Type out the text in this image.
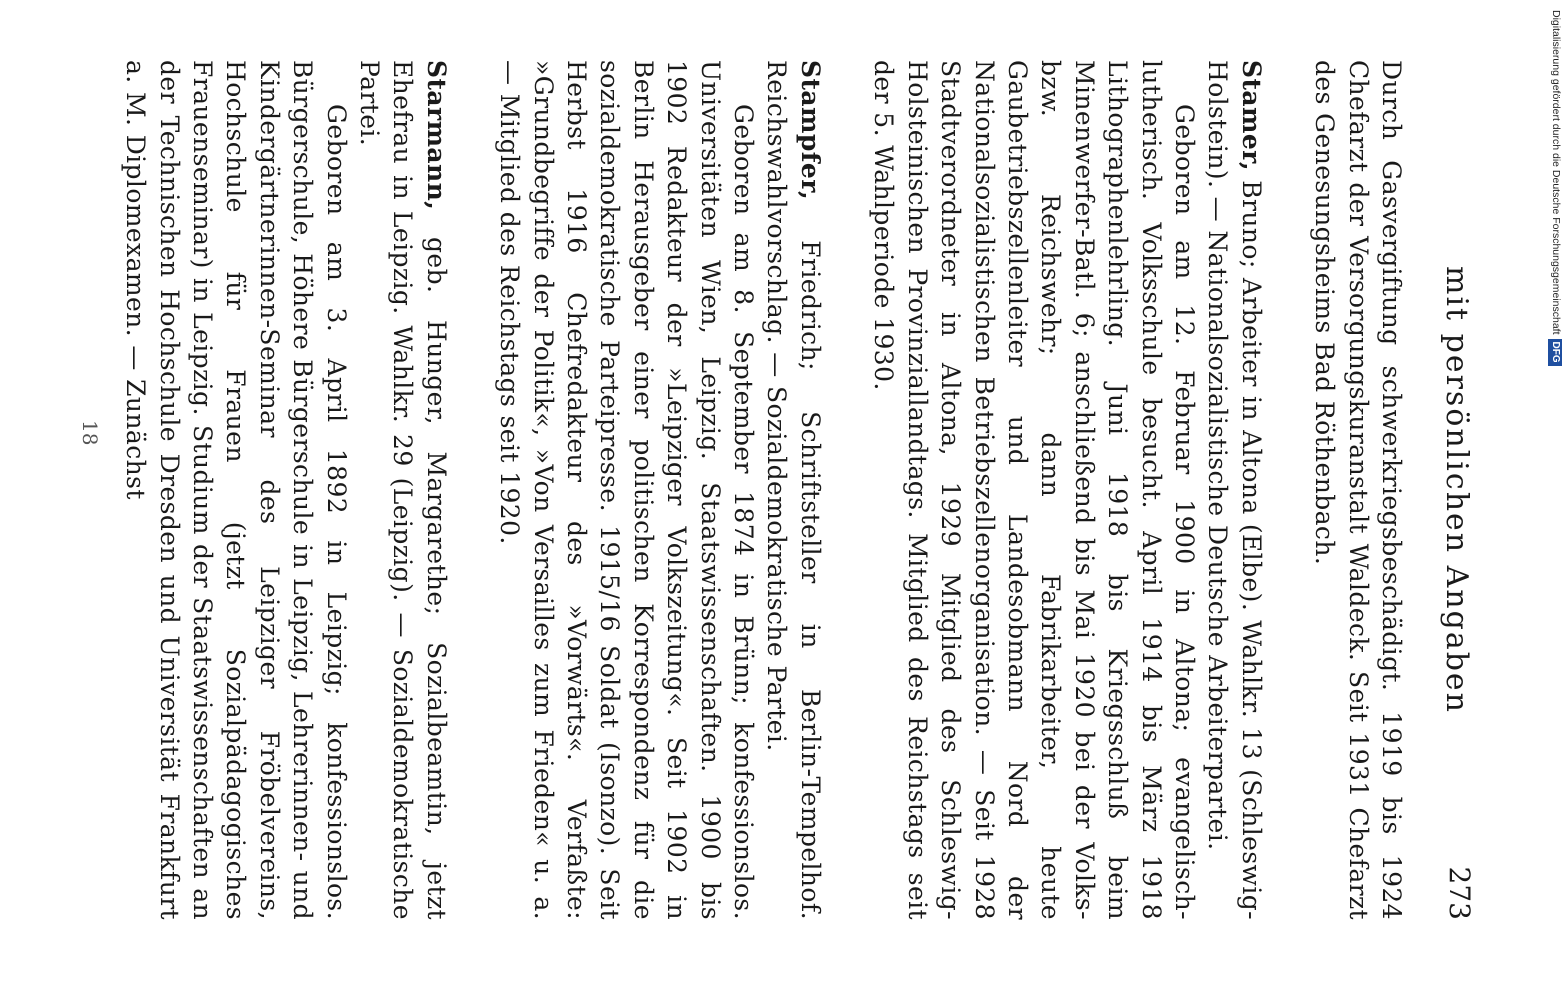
mit persönlichen Angaben
273

Durch Gasvergiftung schwerkriegsbeschädigt. 1919 bis 1924 Chefarzt der Versorgungskuranstalt Waldeck. Seit 1931 Chefarzt des Genesungsheims Bad Röthenbach.

Stamer, Bruno; Arbeiter in Altona (Elbe). Wahlkr. 13 (Schleswig-Holstein). — Nationalsozialistische Deutsche Arbeiterpartei.

Geboren am 12. Februar 1900 in Altona; evangelisch-lutherisch. Volksschule besucht. April 1914 bis März 1918 Lithographenlehrling. Juni 1918 bis Kriegsschluß beim Minenwerfer-Batl. 6; anschließend bis Mai 1920 bei der Volks- bzw. Reichswehr; dann Fabrikarbeiter, heute Gaubetriebszellenleiter und Landesobmann Nord der Nationalsozialistischen Betriebszellenorganisation. — Seit 1928 Stadtverordneter in Altona, 1929 Mitglied des Schleswig-Holsteinischen Provinziallandtags. Mitglied des Reichstags seit der 5. Wahlperiode 1930.

Stampfer, Friedrich; Schriftsteller in Berlin-Tempelhof. Reichswahlvorschlag. — Sozialdemokratische Partei.

Geboren am 8. September 1874 in Brünn; konfessionslos. Universitäten Wien, Leipzig. Staatswissenschaften. 1900 bis 1902 Redakteur der »Leipziger Volkszeitung«. Seit 1902 in Berlin Herausgeber einer politischen Korrespondenz für die sozialdemokratische Parteipresse. 1915/16 Soldat (Isonzo). Seit Herbst 1916 Chefredakteur des »Vorwärts«. Verfaßte: »Grundbegriffe der Politik«, »Von Versailles zum Frieden« u. a. — Mitglied des Reichstags seit 1920.

Starmann, geb. Hunger, Margarethe; Sozialbeamtin, jetzt Ehefrau in Leipzig. Wahlkr. 29 (Leipzig). — Sozialdemokratische Partei.

Geboren am 3. April 1892 in Leipzig; konfessionslos. Bürgerschule, Höhere Bürgerschule in Leipzig, Lehrerinnen- und Kindergärtnerinnen-Seminar des Leipziger Fröbelvereins, Hochschule für Frauen (jetzt Sozialpädagogisches Frauenseminar) in Leipzig. Studium der Staatswissenschaften an der Technischen Hochschule Dresden und Universität Frankfurt a. M. Diplomexamen. — Zunächst

18
Digitalisierung gefördert durch die Deutsche ForschungsgemeinschaftDFG
